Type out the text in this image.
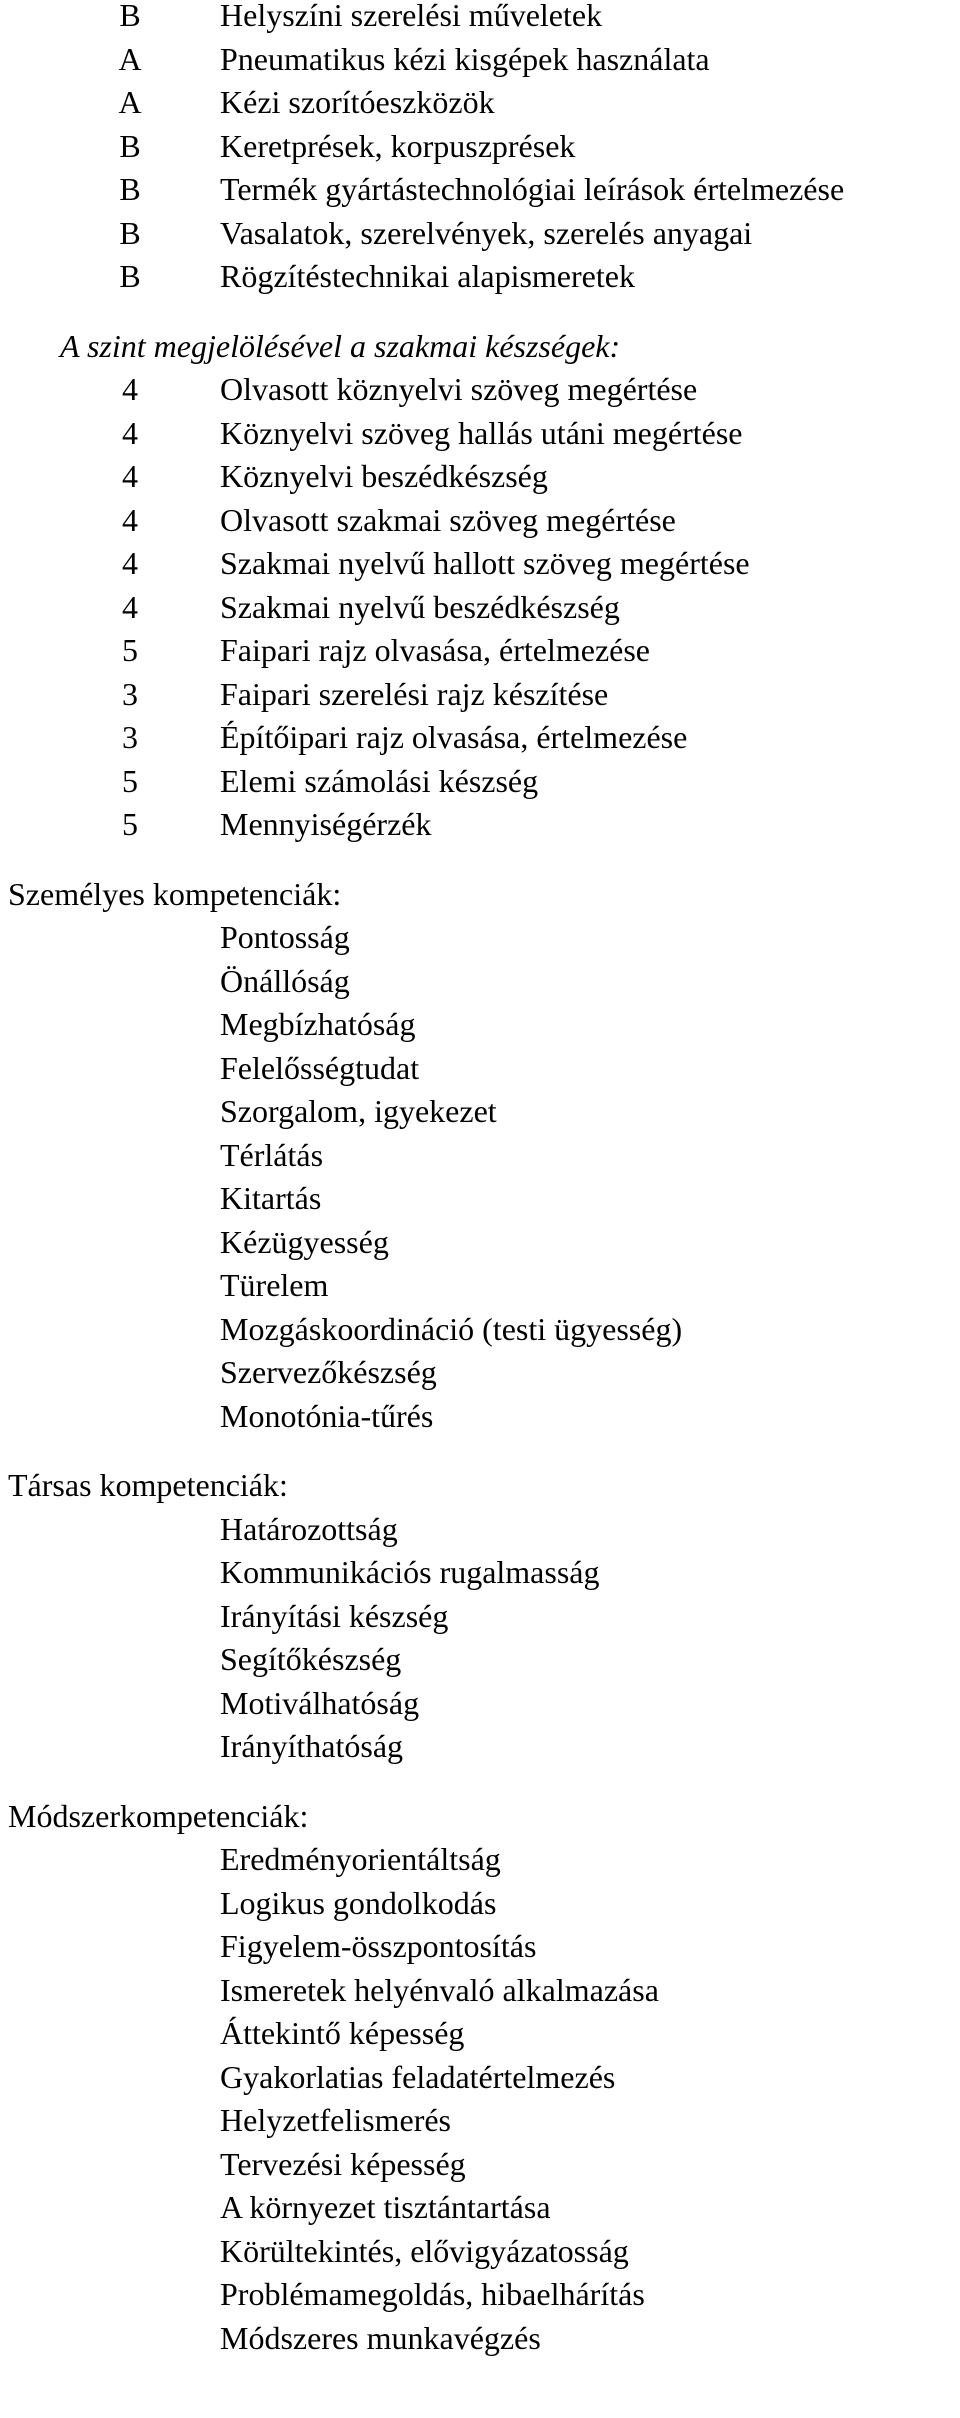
B Helyszíni szerelési műveletek
A Pneumatikus kézi kisgépek használata
A Kézi szorítóeszközök
B Keretprések, korpuszprések
B Termék gyártástechnológiai leírások értelmezése
B Vasalatok, szerelvények, szerelés anyagai
B Rögzítéstechnikai alapismeretek
A szint megjelölésével a szakmai készségek:
4	Olvasott köznyelvi szöveg megértése
4	Köznyelvi szöveg hallás utáni megértése
4	Köznyelvi beszédkészség
4	Olvasott szakmai szöveg megértése
4	Szakmai nyelvű hallott szöveg megértése
4	Szakmai nyelvű beszédkészség
5	Faipari rajz olvasása, értelmezése
3	Faipari szerelési rajz készítése
3	Építőipari rajz olvasása, értelmezése
5	Elemi számolási készség
5	Mennyiségérzék
Személyes kompetenciák:
Pontosság
Önállóság
Megbízhatóság
Felelősségtudat
Szorgalom, igyekezet
Térlátás
Kitartás
Kézügyesség
Türelem
Mozgáskoordináció (testi ügyesség)
Szervezőkészség
Monotónia-tűrés
Társas kompetenciák:
Határozottság
Kommunikációs rugalmasság
Irányítási készség
Segítőkészség
Motiválhatóság
Irányíthatóság
Módszerkompetenciák:
Eredményorientáltság
Logikus gondolkodás
Figyelem-összpontosítás
Ismeretek helyénvaló alkalmazása
Áttekintő képesség
Gyakorlatias feladatértelmezés
Helyzetfelismerés
Tervezési képesség
A környezet tisztántartása
Körültekintés, elővigyázatosság
Problémamegoldás, hibaelhárítás
Módszeres munkavégzés
